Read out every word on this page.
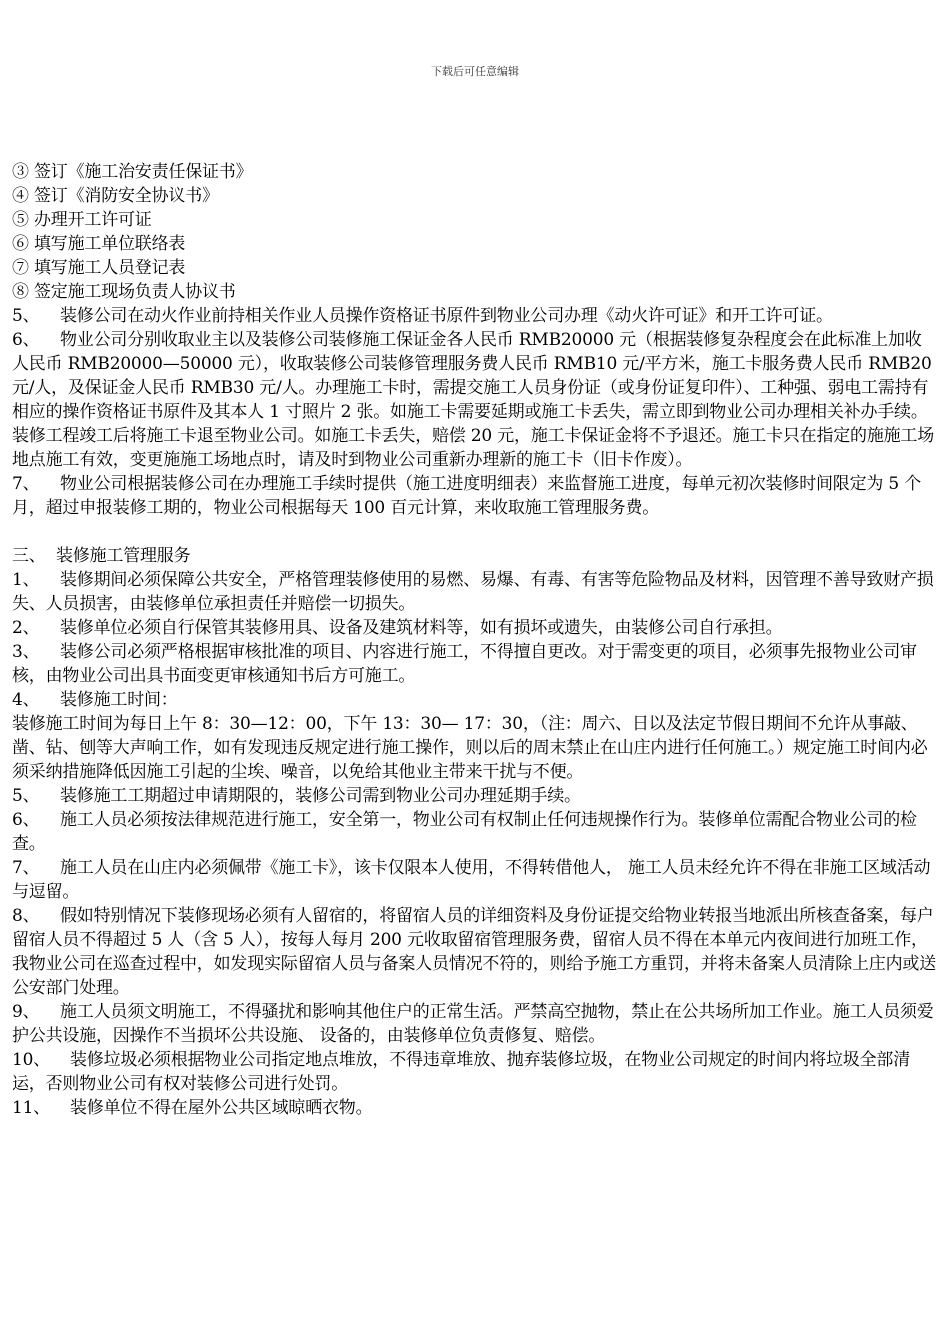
下载后可任意编辑
③ 签订《施工治安责任保证书》
④ 签订《消防安全协议书》
⑤ 办理开工许可证
⑥ 填写施工单位联络表
⑦ 填写施工人员登记表
⑧ 签定施工现场负责人协议书
5、 装修公司在动火作业前持相关作业人员操作资格证书原件到物业公司办理《动火许可证》和开工许可证。
6、 物业公司分别收取业主以及装修公司装修施工保证金各人民币 RMB20000 元（根据装修复杂程度会在此标准上加收人民币 RMB20000—50000 元），收取装修公司装修管理服务费人民币 RMB10 元/平方米，施工卡服务费人民币 RMB20 元/人，及保证金人民币 RMB30 元/人。办理施工卡时，需提交施工人员身份证（或身份证复印件）、工种强、弱电工需持有相应的操作资格证书原件及其本人 1 寸照片 2 张。如施工卡需要延期或施工卡丢失，需立即到物业公司办理相关补办手续。装修工程竣工后将施工卡退至物业公司。如施工卡丢失，赔偿 20 元，施工卡保证金将不予退还。施工卡只在指定的施施工场地点施工有效，变更施施工场地点时，请及时到物业公司重新办理新的施工卡（旧卡作废）。
7、 物业公司根据装修公司在办理施工手续时提供（施工进度明细表）来监督施工进度，每单元初次装修时间限定为 5 个月，超过申报装修工期的，物业公司根据每天 100 百元计算，来收取施工管理服务费。
三、 装修施工管理服务
1、 装修期间必须保障公共安全，严格管理装修使用的易燃、易爆、有毒、有害等危险物品及材料，因管理不善导致财产损失、人员损害，由装修单位承担责任并赔偿一切损失。
2、 装修单位必须自行保管其装修用具、设备及建筑材料等，如有损坏或遗失，由装修公司自行承担。
3、 装修公司必须严格根据审核批准的项目、内容进行施工，不得擅自更改。对于需变更的项目，必须事先报物业公司审核，由物业公司出具书面变更审核通知书后方可施工。
4、 装修施工时间：
装修施工时间为每日上午 8：30—12：00，下午 13：30— 17：30，（注：周六、日以及法定节假日期间不允许从事敲、凿、钻、刨等大声响工作，如有发现违反规定进行施工操作，则以后的周末禁止在山庄内进行任何施工。）规定施工时间内必须采纳措施降低因施工引起的尘埃、噪音，以免给其他业主带来干扰与不便。
5、 装修施工工期超过申请期限的，装修公司需到物业公司办理延期手续。
6、 施工人员必须按法律规范进行施工，安全第一，物业公司有权制止任何违规操作行为。装修单位需配合物业公司的检查。
7、 施工人员在山庄内必须佩带《施工卡》，该卡仅限本人使用，不得转借他人， 施工人员未经允许不得在非施工区域活动与逗留。
8、 假如特别情况下装修现场必须有人留宿的，将留宿人员的详细资料及身份证提交给物业转报当地派出所核查备案，每户留宿人员不得超过 5 人（含 5 人），按每人每月 200 元收取留宿管理服务费，留宿人员不得在本单元内夜间进行加班工作，我物业公司在巡查过程中，如发现实际留宿人员与备案人员情况不符的，则给予施工方重罚，并将未备案人员清除上庄内或送公安部门处理。
9、 施工人员须文明施工，不得骚扰和影响其他住户的正常生活。严禁高空抛物，禁止在公共场所加工作业。施工人员须爱护公共设施，因操作不当损坏公共设施、 设备的，由装修单位负责修复、赔偿。
10、 装修垃圾必须根据物业公司指定地点堆放，不得违章堆放、抛弃装修垃圾，在物业公司规定的时间内将垃圾全部清运，否则物业公司有权对装修公司进行处罚。
11、 装修单位不得在屋外公共区域晾晒衣物。
